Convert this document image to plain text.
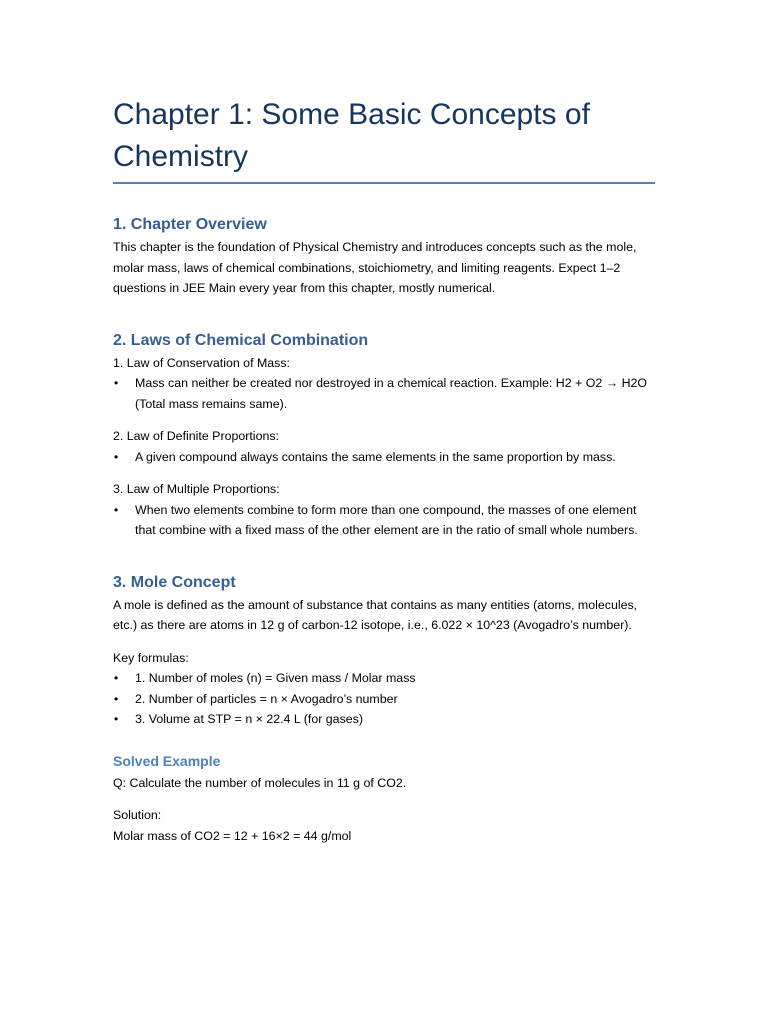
Chapter 1: Some Basic Concepts of Chemistry
1. Chapter Overview

This chapter is the foundation of Physical Chemistry and introduces concepts such as the mole, molar mass, laws of chemical combinations, stoichiometry, and limiting reagents. Expect 1–2 questions in JEE Main every year from this chapter, mostly numerical.

2. Laws of Chemical Combination

1. Law of Conservation of Mass:

• Mass can neither be created nor destroyed in a chemical reaction. Example: H2 + O2 → H2O (Total mass remains same).

2. Law of Definite Proportions:

• A given compound always contains the same elements in the same proportion by mass.

3. Law of Multiple Proportions:

• When two elements combine to form more than one compound, the masses of one element that combine with a fixed mass of the other element are in the ratio of small whole numbers.
3. Mole Concept

A mole is defined as the amount of substance that contains as many entities (atoms, molecules, etc.) as there are atoms in 12 g of carbon-12 isotope, i.e., 6.022 × 10^23 (Avogadro’s number).

Key formulas:

• 1. Number of moles (n) = Given mass / Molar mass
• 2. Number of particles = n × Avogadro’s number
• 3. Volume at STP = n × 22.4 L (for gases)
Solved Example

Q: Calculate the number of molecules in 11 g of CO2.

Solution:

Molar mass of CO2 = 12 + 16×2 = 44 g/mol
